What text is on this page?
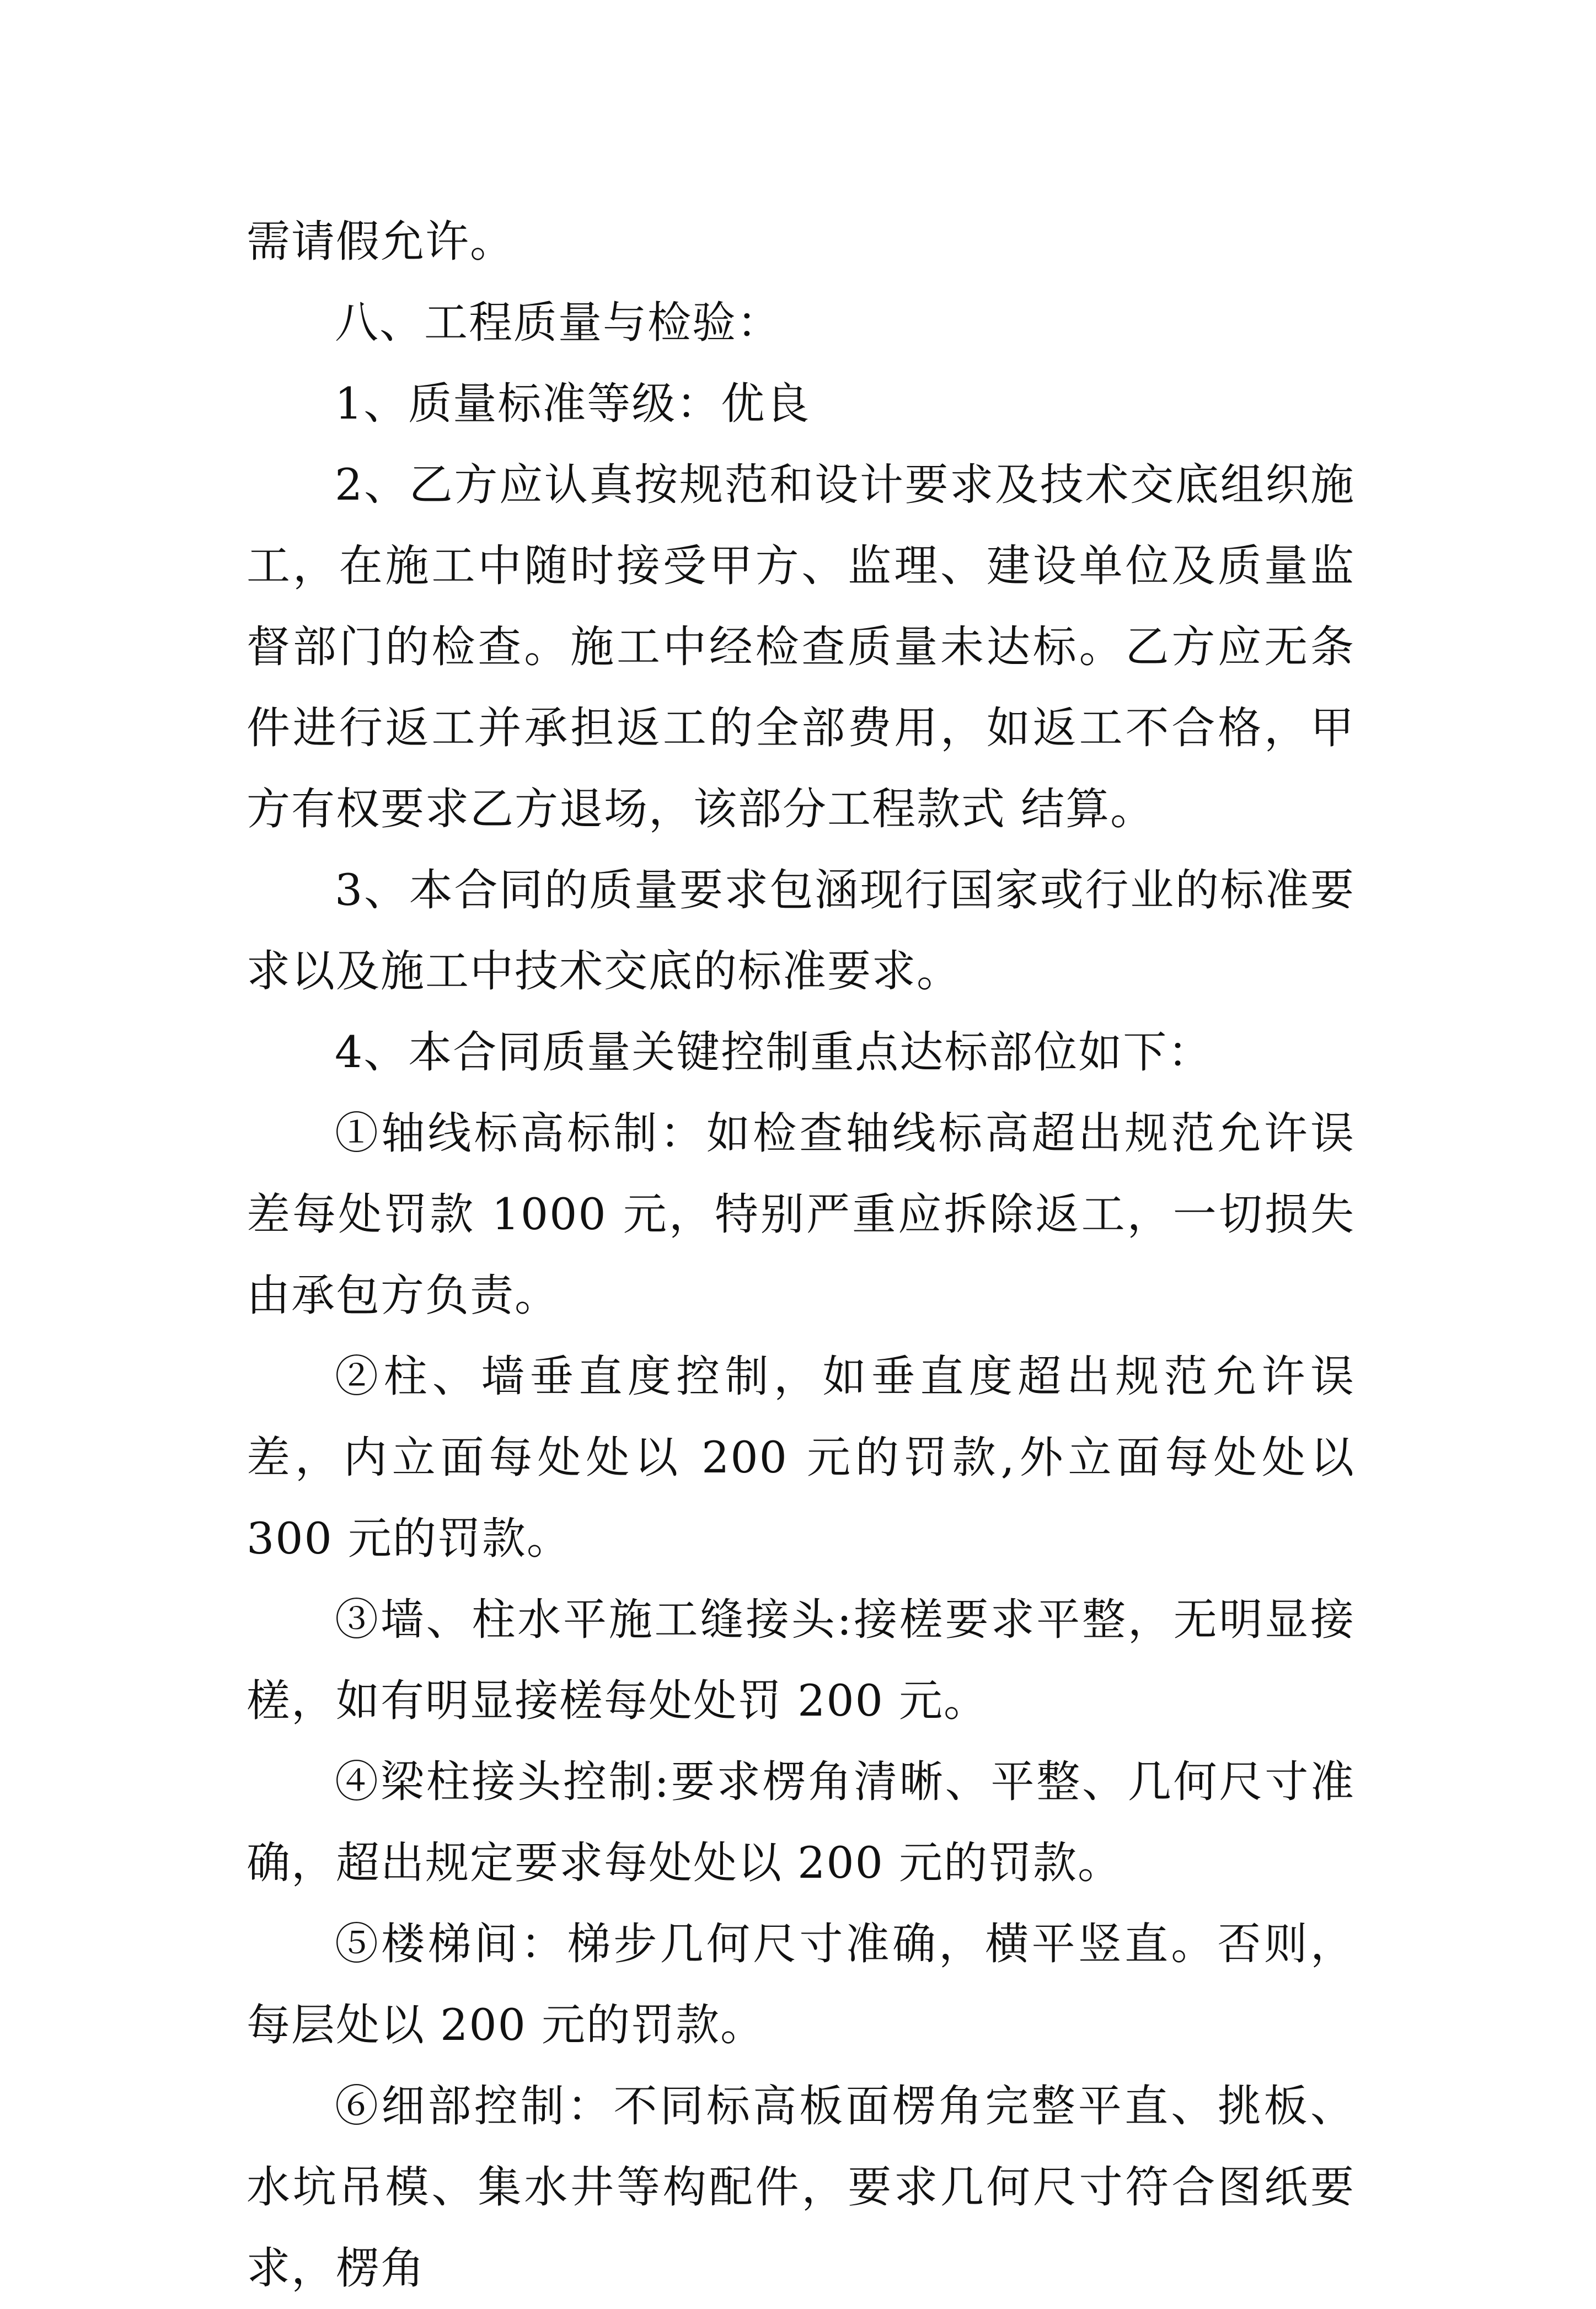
需请假允许。

八、工程质量与检验：

1、质量标准等级：优良

2、乙方应认真按规范和设计要求及技术交底组织施工，在施工中随时接受甲方、监理、建设单位及质量监督部门的检查。施工中经检查质量未达标。乙方应无条件进行返工并承担返工的全部费用，如返工不合格，甲方有权要求乙方退场，该部分工程款式 结算。

3、本合同的质量要求包涵现行国家或行业的标准要求以及施工中技术交底的标准要求。

4、本合同质量关键控制重点达标部位如下：

①轴线标高标制：如检查轴线标高超出规范允许误差每处罚款 1000 元，特别严重应拆除返工，一切损失由承包方负责。

②柱、墙垂直度控制，如垂直度超出规范允许误差，内立面每处处以 200 元的罚款,外立面每处处以 300 元的罚款。

③墙、柱水平施工缝接头:接槎要求平整，无明显接槎，如有明显接槎每处处罚 200 元。

④梁柱接头控制:要求楞角清晰、平整、几何尺寸准确，超出规定要求每处处以 200 元的罚款。

⑤楼梯间：梯步几何尺寸准确，横平竖直。否则，每层处以 200 元的罚款。

⑥细部控制：不同标高板面楞角完整平直、挑板、水坑吊模、集水井等构配件，要求几何尺寸符合图纸要求，楞角
